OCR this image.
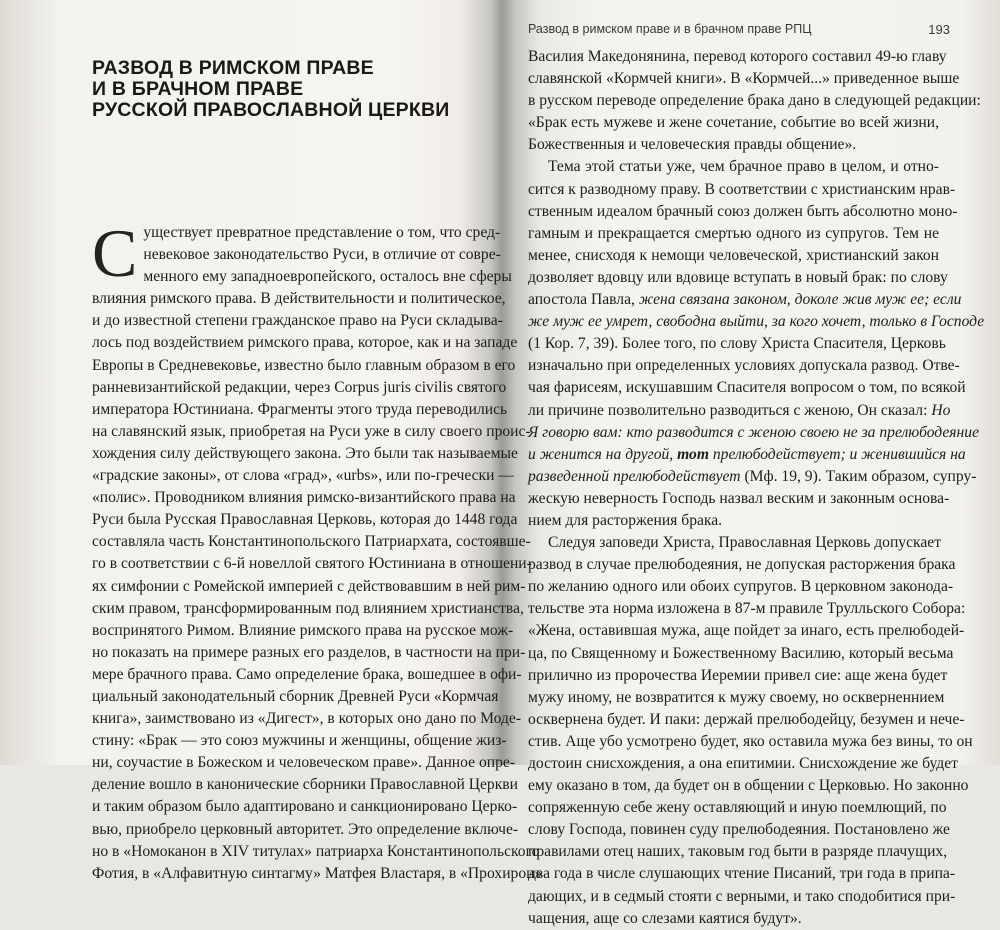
РАЗВОД В РИМСКОМ ПРАВЕ
И В БРАЧНОМ ПРАВЕ
РУССКОЙ ПРАВОСЛАВНОЙ ЦЕРКВИ
С уществует превратное представление о том, что сред-
невековое законодательство Руси, в отличие от совре-
менного ему западноевропейского, осталось вне сферы
влияния римского права. В действительности и политическое,
и до известной степени гражданское право на Руси складыва-
лось под воздействием римского права, которое, как и на западе
Европы в Средневековье, известно было главным образом в его
ранневизантийской редакции, через Corpus juris civilis святого
императора Юстиниана. Фрагменты этого труда переводились
на славянский язык, приобретая на Руси уже в силу своего проис-
хождения силу действующего закона. Это были так называемые
«градские законы», от слова «град», «urbs», или по-гречески —
«полис». Проводником влияния римско-византийского права на
Руси была Русская Православная Церковь, которая до 1448 года
составляла часть Константинопольского Патриархата, состоявше-
го в соответствии с 6-й новеллой святого Юстиниана в отношени-
ях симфонии с Ромейской империей с действовавшим в ней рим-
ским правом, трансформированным под влиянием христианства,
воспринятого Римом. Влияние римского права на русское мож-
но показать на примере разных его разделов, в частности на при-
мере брачного права. Само определение брака, вошедшее в офи-
циальный законодательный сборник Древней Руси «Кормчая
книга», заимствовано из «Дигест», в которых оно дано по Моде-
стину: «Брак — это союз мужчины и женщины, общение жиз-
ни, соучастие в Божеском и человеческом праве». Данное опре-
деление вошло в канонические сборники Православной Церкви
и таким образом было адаптировано и санкционировано Церко-
вью, приобрело церковный авторитет. Это определение включе-
но в «Номоканон в XIV титулах» патриарха Константинопольского
Фотия, в «Алфавитную синтагму» Матфея Властаря, в «Прохирон»
Развод в римском праве и в брачном праве РПЦ	193
Василия Македонянина, перевод которого составил 49-ю главу
славянской «Кормчей книги». В «Кормчей...» приведенное выше
в русском переводе определение брака дано в следующей редакции:
«Брак есть мужеве и жене сочетание, событие во всей жизни,
Божественныя и человеческия правды общение».
Тема этой статьи уже, чем брачное право в целом, и отно-
сится к разводному праву. В соответствии с христианским нрав-
ственным идеалом брачный союз должен быть абсолютно моно-
гамным и прекращается смертью одного из супругов. Тем не
менее, снисходя к немощи человеческой, христианский закон
дозволяет вдовцу или вдовице вступать в новый брак: по слову
апостола Павла, жена связана законом, доколе жив муж ее; если
же муж ее умрет, свободна выйти, за кого хочет, только в Господе
(1 Кор. 7, 39). Более того, по слову Христа Спасителя, Церковь
изначально при определенных условиях допускала развод. Отве-
чая фарисеям, искушавшим Спасителя вопросом о том, по всякой
ли причине позволительно разводиться с женою, Он сказал: Но
Я говорю вам: кто разводится с женою своею не за прелюбодеяние
и женится на другой, тот прелюбодействует; и женившийся на
разведенной прелюбодействует (Мф. 19, 9). Таким образом, супру-
жескую неверность Господь назвал веским и законным основа-
нием для расторжения брака.
Следуя заповеди Христа, Православная Церковь допускает
развод в случае прелюбодеяния, не допуская расторжения брака
по желанию одного или обоих супругов. В церковном законода-
тельстве эта норма изложена в 87-м правиле Трулльского Собора:
«Жена, оставившая мужа, аще пойдет за инаго, есть прелюбодей-
ца, по Священному и Божественному Василию, который весьма
прилично из пророчества Иеремии привел сие: аще жена будет
мужу иному, не возвратится к мужу своему, но оскверненнием
осквернена будет. И паки: держай прелюбодейцу, безумен и нече-
стив. Аще убо усмотрено будет, яко оставила мужа без вины, то он
достоин снисхождения, а она епитимии. Снисхождение же будет
ему оказано в том, да будет он в общении с Церковью. Но законно
сопряженную себе жену оставляющий и иную поемлющий, по
слову Господа, повинен суду прелюбодеяния. Постановлено же
правилами отец наших, таковым год быти в разряде плачущих,
два года в числе слушающих чтение Писаний, три года в припа-
дающих, и в седмый стояти с верными, и тако сподобитися при-
чащения, аще со слезами каятися будут».
